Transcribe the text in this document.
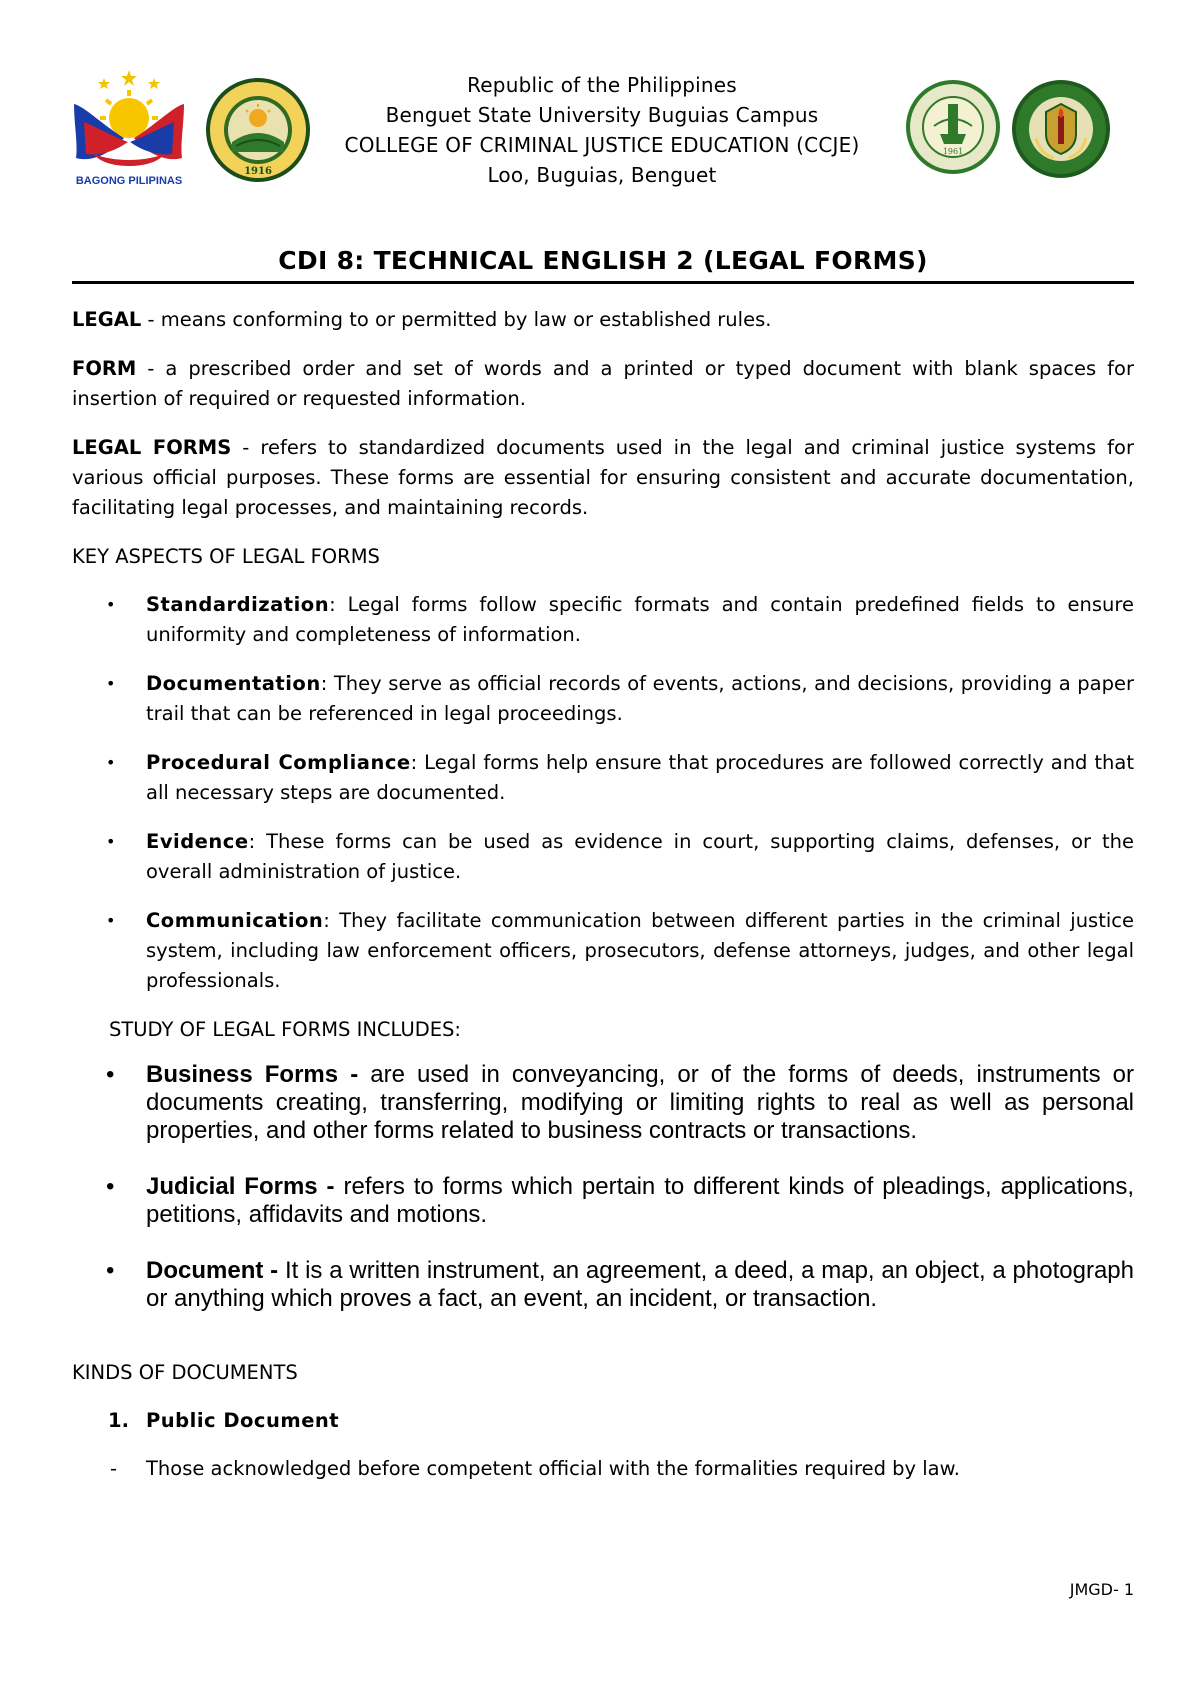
BAGONG PILIPINAS
1916
Republic of the Philippines
Benguet State University Buguias Campus
COLLEGE OF CRIMINAL JUSTICE EDUCATION (CCJE)
Loo, Buguias, Benguet
1961
CDI 8: TECHNICAL ENGLISH 2 (LEGAL FORMS)

LEGAL - means conforming to or permitted by law or established rules.

FORM - a prescribed order and set of words and a printed or typed document with blank spaces for insertion of required or requested information.

LEGAL FORMS - refers to standardized documents used in the legal and criminal justice systems for various official purposes. These forms are essential for ensuring consistent and accurate documentation, facilitating legal processes, and maintaining records.

KEY ASPECTS OF LEGAL FORMS
• Standardization: Legal forms follow specific formats and contain predefined fields to ensure uniformity and completeness of information.
• Documentation: They serve as official records of events, actions, and decisions, providing a paper trail that can be referenced in legal proceedings.
• Procedural Compliance: Legal forms help ensure that procedures are followed correctly and that all necessary steps are documented.
• Evidence: These forms can be used as evidence in court, supporting claims, defenses, or the overall administration of justice.
• Communication: They facilitate communication between different parties in the criminal justice system, including law enforcement officers, prosecutors, defense attorneys, judges, and other legal professionals.
STUDY OF LEGAL FORMS INCLUDES:
• Business Forms - are used in conveyancing, or of the forms of deeds, instruments or documents creating, transferring, modifying or limiting rights to real as well as personal properties, and other forms related to business contracts or transactions.
• Judicial Forms - refers to forms which pertain to different kinds of pleadings, applications, petitions, affidavits and motions.
• Document - It is a written instrument, an agreement, a deed, a map, an object, a photograph or anything which proves a fact, an event, an incident, or transaction.
KINDS OF DOCUMENTS
1. Public Document
- Those acknowledged before competent official with the formalities required by law.
JMGD- 1
